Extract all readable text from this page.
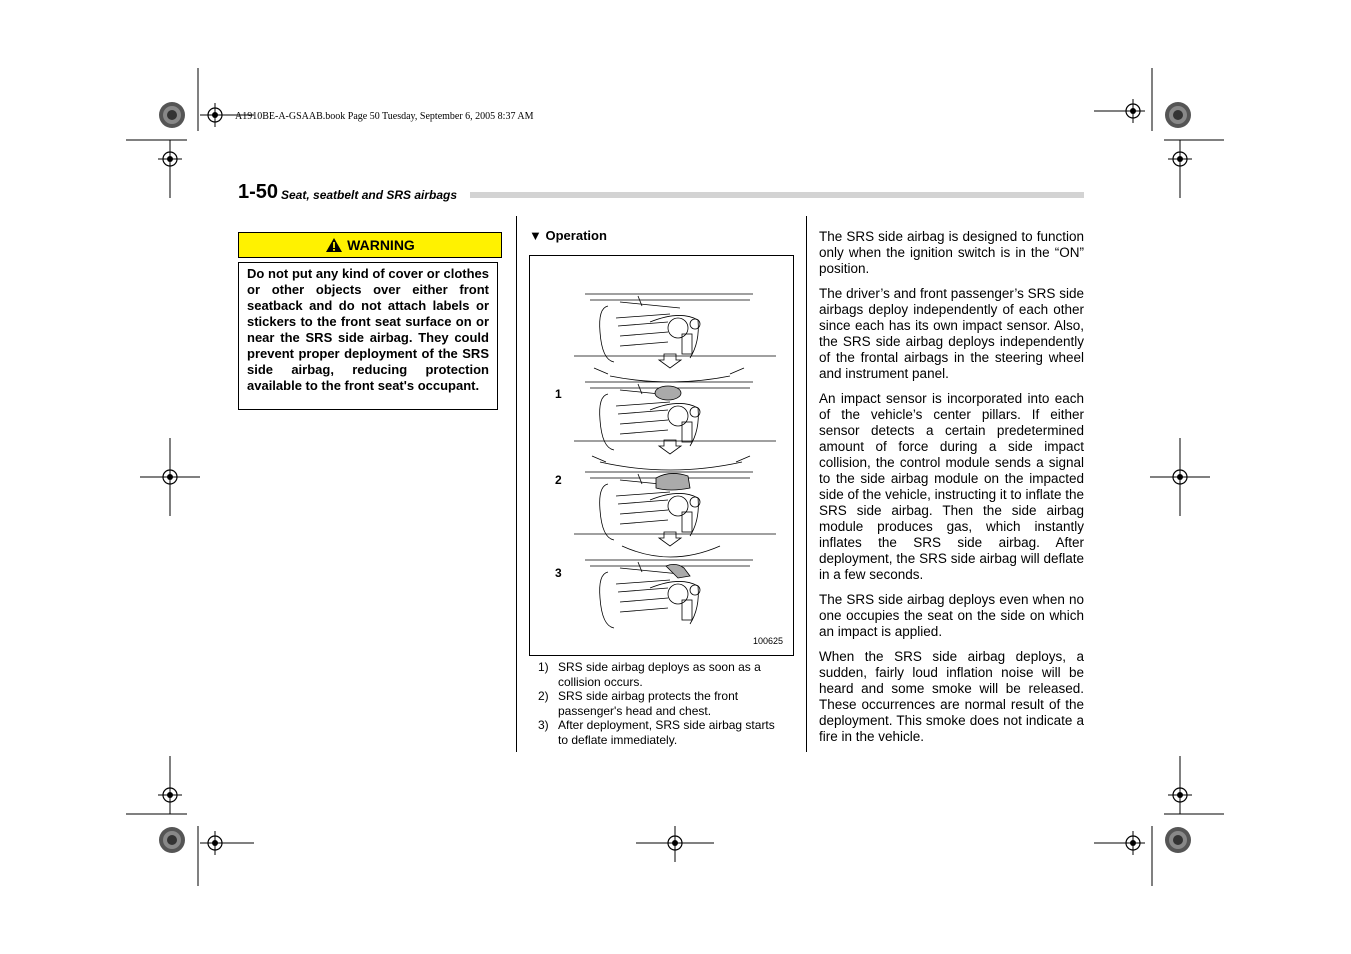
A1910BE-A-GSAAB.book Page 50 Tuesday, September 6, 2005 8:37 AM
1-50 Seat, seatbelt and SRS airbags
WARNING
Do not put any kind of cover or clothes or other objects over either front seatback and do not attach labels or stickers to the front seat surface on or near the SRS side airbag. They could prevent proper deployment of the SRS side airbag, reducing protection available to the front seat's occupant.
▼ Operation
1
2
3
100625
1) SRS side airbag deploys as soon as a collision occurs.
2) SRS side airbag protects the front passenger's head and chest.
3) After deployment, SRS side airbag starts to deflate immediately.

The SRS side airbag is designed to function only when the ignition switch is in the “ON” position.

The driver’s and front passenger’s SRS side airbags deploy independently of each other since each has its own impact sensor. Also, the SRS side airbag deploys independently of the frontal airbags in the steering wheel and instrument panel.

An impact sensor is incorporated into each of the vehicle’s center pillars. If either sensor detects a certain predetermined amount of force during a side impact collision, the control module sends a signal to the side airbag module on the impacted side of the vehicle, instructing it to inflate the SRS side airbag. Then the side airbag module produces gas, which instantly inflates the SRS side airbag. After deployment, the SRS side airbag will deflate in a few seconds.

The SRS side airbag deploys even when no one occupies the seat on the side on which an impact is applied.

When the SRS side airbag deploys, a sudden, fairly loud inflation noise will be heard and some smoke will be released. These occurrences are normal result of the deployment. This smoke does not indicate a fire in the vehicle.
